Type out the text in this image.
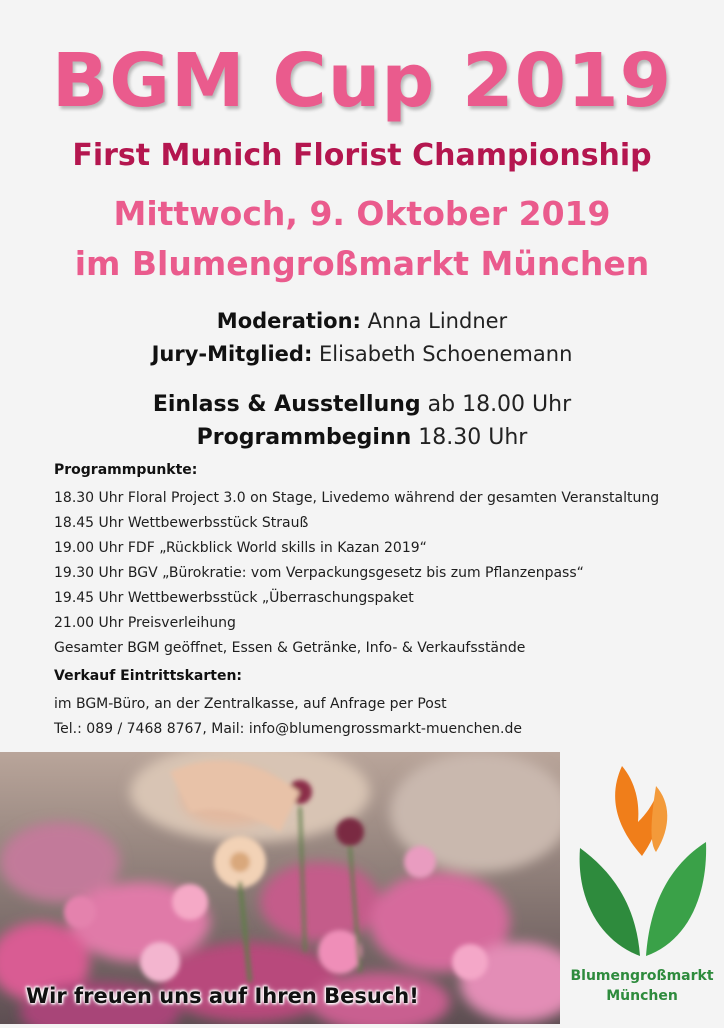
BGM Cup 2019
First Munich Florist Championship
Mittwoch, 9. Oktober 2019
im Blumengroßmarkt München
Moderation: Anna Lindner
Jury-Mitglied: Elisabeth Schoenemann
Einlass & Ausstellung ab 18.00 Uhr
Programmbeginn 18.30 Uhr
Programmpunkte:
18.30 Uhr Floral Project 3.0 on Stage, Livedemo während der gesamten Veranstaltung
18.45 Uhr Wettbewerbsstück Strauß
19.00 Uhr FDF „Rückblick World skills in Kazan 2019“
19.30 Uhr BGV „Bürokratie: vom Verpackungsgesetz bis zum Pflanzenpass“
19.45 Uhr Wettbewerbsstück „Überraschungspaket
21.00 Uhr Preisverleihung
Gesamter BGM geöffnet, Essen & Getränke, Info- & Verkaufsstände
Verkauf Eintrittskarten:
im BGM-Büro, an der Zentralkasse, auf Anfrage per Post
Tel.: 089 / 7468 8767, Mail: info@blumengrossmarkt-muenchen.de
Wir freuen uns auf Ihren Besuch!
Blumengroßmarkt
München
